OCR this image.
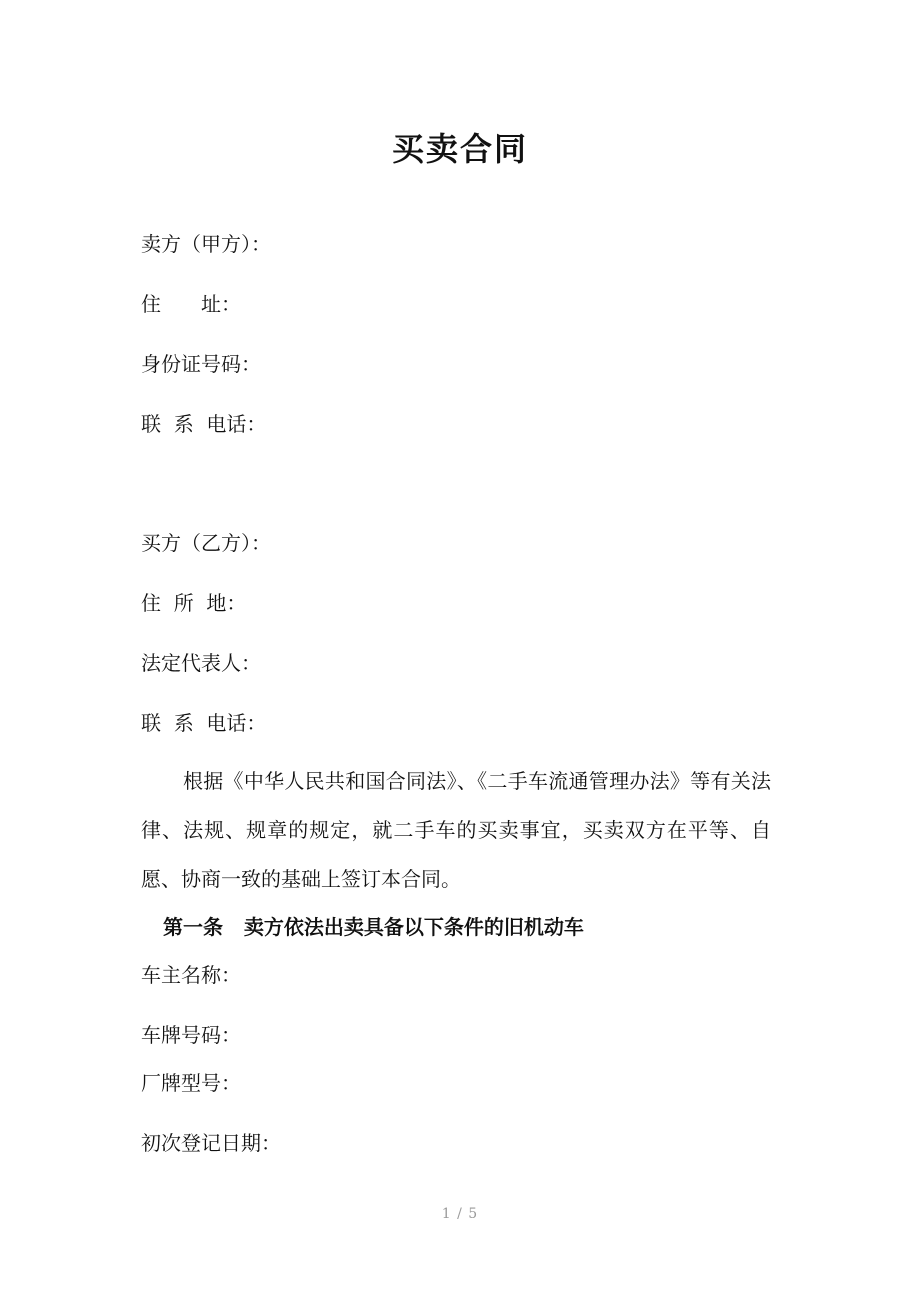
买卖合同
卖方（甲方）：
住　　址：
身份证号码：
联  系  电话：
买方（乙方）：
住  所  地：
法定代表人：
联  系  电话：
根据《中华人民共和国合同法》、《二手车流通管理办法》等有关法律、法规、规章的规定，就二手车的买卖事宜，买卖双方在平等、自愿、协商一致的基础上签订本合同。
第一条   卖方依法出卖具备以下条件的旧机动车
车主名称：
车牌号码：
厂牌型号：
初次登记日期：
1 / 5
